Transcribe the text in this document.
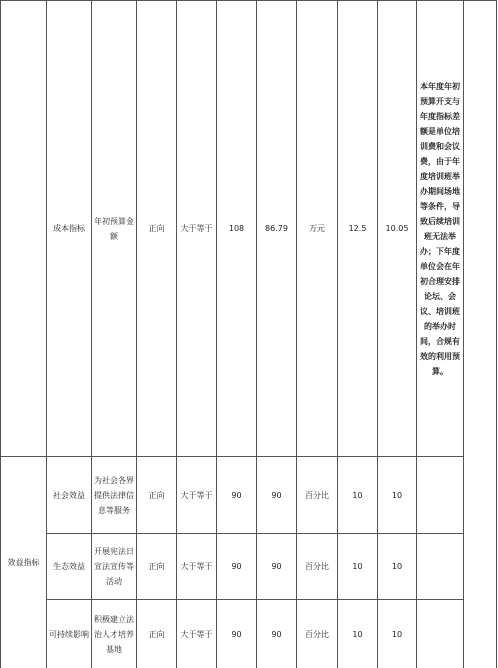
	成本指标	年初预算金额	正向	大于等于	108	86.79	万元	12.5	10.05	本年度年初预算开支与年度指标差额是单位培训费和会议费，由于年度培训班举办期间场地等条件，导致后续培训班无法举办；下年度单位会在年初合理安排论坛、会议、培训班的举办时间，合规有效的利用预算。	

效益指标	社会效益	为社会各界提供法律信息等服务	正向	大于等于	90	90	百分比	10	10		

	生态效益	开展宪法日宣法宣传等活动	正向	大于等于	90	90	百分比	10	10		

	可持续影响	积极建立法治人才培养基地	正向	大于等于	90	90	百分比	10	10		
